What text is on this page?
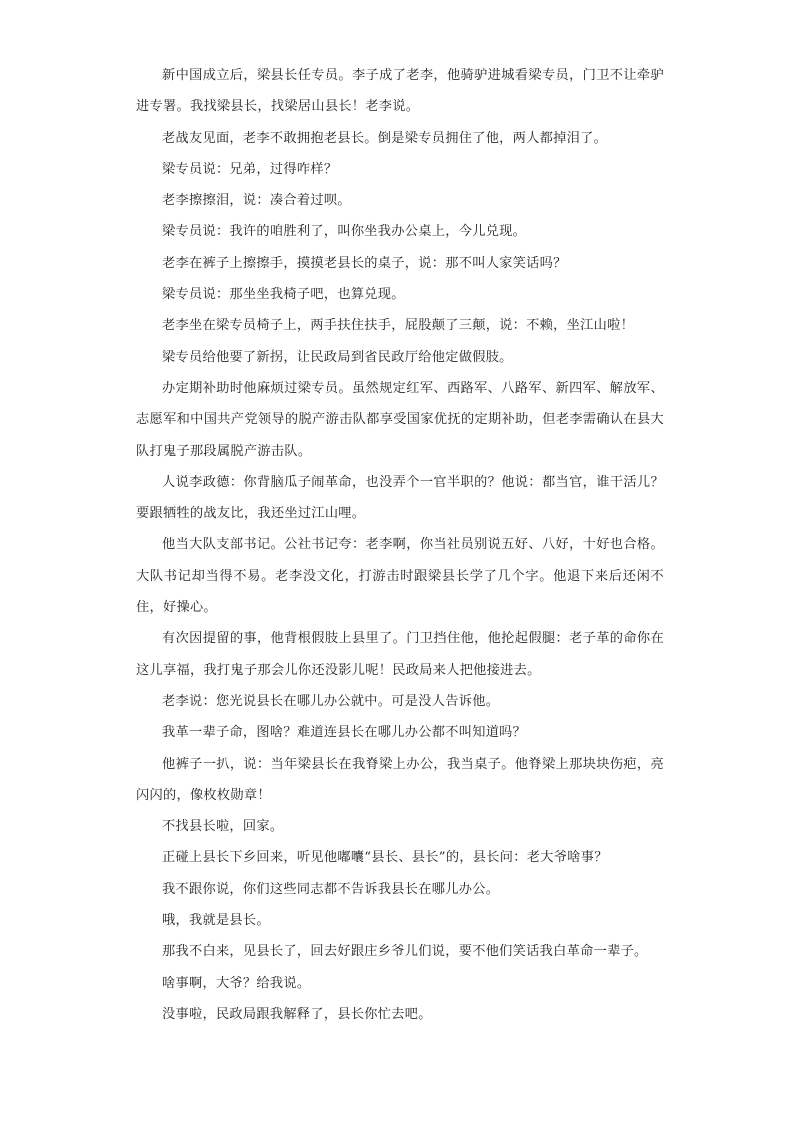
新中国成立后，梁县长任专员。李子成了老李，他骑驴进城看梁专员，门卫不让牵驴进专署。我找梁县长，找梁居山县长！老李说。

老战友见面，老李不敢拥抱老县长。倒是梁专员拥住了他，两人都掉泪了。

梁专员说：兄弟，过得咋样？

老李擦擦泪，说：凑合着过呗。

梁专员说：我许的咱胜利了，叫你坐我办公桌上，今儿兑现。

老李在裤子上擦擦手，摸摸老县长的桌子，说：那不叫人家笑话吗？

梁专员说：那坐坐我椅子吧，也算兑现。

老李坐在梁专员椅子上，两手扶住扶手，屁股颠了三颠，说：不赖，坐江山啦！

梁专员给他要了新拐，让民政局到省民政厅给他定做假肢。

办定期补助时他麻烦过梁专员。虽然规定红军、西路军、八路军、新四军、解放军、志愿军和中国共产党领导的脱产游击队都享受国家优抚的定期补助，但老李需确认在县大队打鬼子那段属脱产游击队。

人说李政德：你背脑瓜子闹革命，也没弄个一官半职的？他说：都当官，谁干活儿？要跟牺牲的战友比，我还坐过江山哩。

他当大队支部书记。公社书记夸：老李啊，你当社员别说五好、八好，十好也合格。大队书记却当得不易。老李没文化，打游击时跟梁县长学了几个字。他退下来后还闲不住，好操心。

有次因提留的事，他背根假肢上县里了。门卫挡住他，他抡起假腿：老子革的命你在这儿享福，我打鬼子那会儿你还没影儿呢！民政局来人把他接进去。

老李说：您光说县长在哪儿办公就中。可是没人告诉他。

我革一辈子命，图啥？难道连县长在哪儿办公都不叫知道吗？

他裤子一扒，说：当年梁县长在我脊梁上办公，我当桌子。他脊梁上那块块伤疤，亮闪闪的，像枚枚勋章！

不找县长啦，回家。

正碰上县长下乡回来，听见他嘟囔“县长、县长”的，县长问：老大爷啥事？

我不跟你说，你们这些同志都不告诉我县长在哪儿办公。

哦，我就是县长。

那我不白来，见县长了，回去好跟庄乡爷儿们说，要不他们笑话我白革命一辈子。

啥事啊，大爷？给我说。

没事啦，民政局跟我解释了，县长你忙去吧。
